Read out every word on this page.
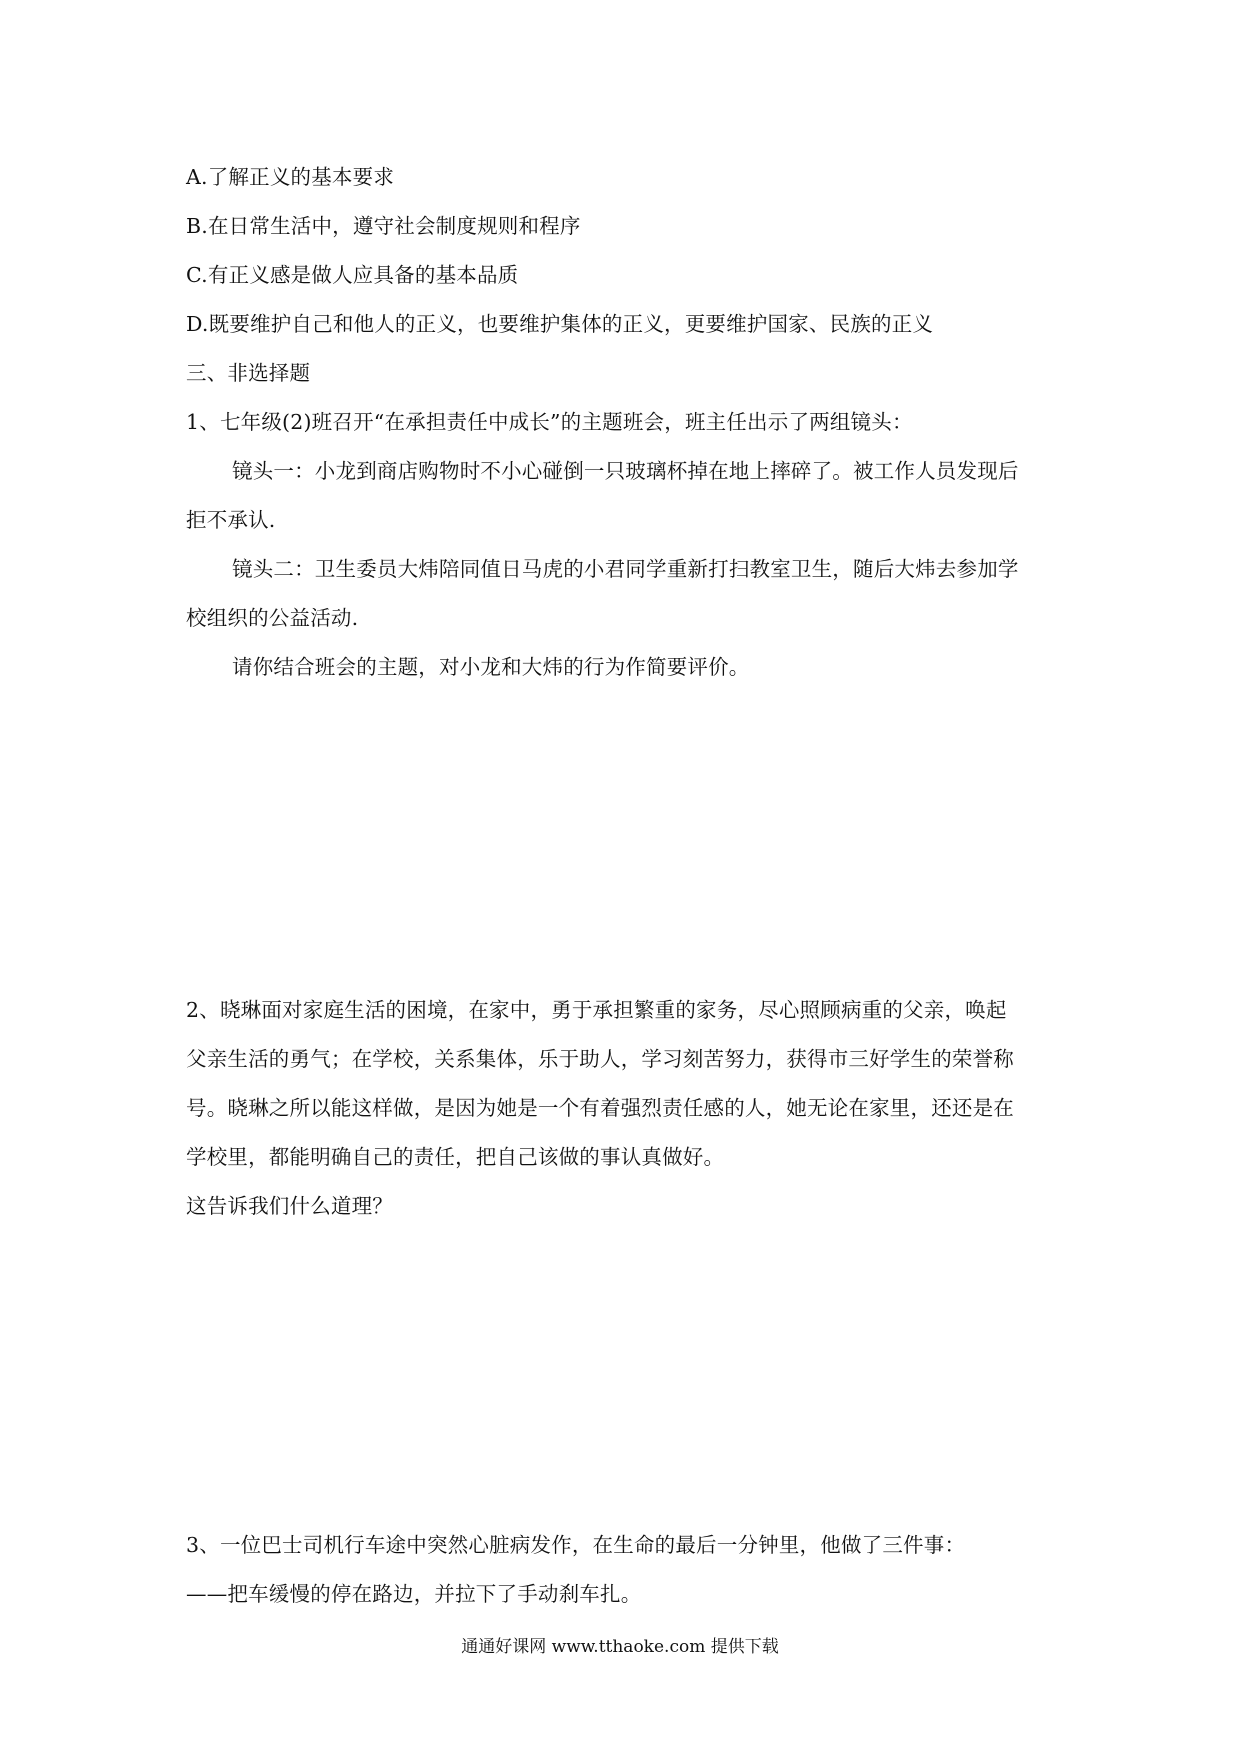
A.了解正义的基本要求
B.在日常生活中，遵守社会制度规则和程序
C.有正义感是做人应具备的基本品质
D.既要维护自己和他人的正义，也要维护集体的正义，更要维护国家、民族的正义
三、非选择题
1、七年级(2)班召开“在承担责任中成长”的主题班会，班主任出示了两组镜头：
镜头一：小龙到商店购物时不小心碰倒一只玻璃杯掉在地上摔碎了。被工作人员发现后
拒不承认.
镜头二：卫生委员大炜陪同值日马虎的小君同学重新打扫教室卫生，随后大炜去参加学
校组织的公益活动.
请你结合班会的主题，对小龙和大炜的行为作简要评价。
2、晓琳面对家庭生活的困境，在家中，勇于承担繁重的家务，尽心照顾病重的父亲，唤起
父亲生活的勇气；在学校，关系集体，乐于助人，学习刻苦努力，获得市三好学生的荣誉称
号。晓琳之所以能这样做，是因为她是一个有着强烈责任感的人，她无论在家里，还还是在
学校里，都能明确自己的责任，把自己该做的事认真做好。
这告诉我们什么道理？
3、一位巴士司机行车途中突然心脏病发作，在生命的最后一分钟里，他做了三件事：
——把车缓慢的停在路边，并拉下了手动刹车扎。
通通好课网 www.tthaoke.com 提供下载
